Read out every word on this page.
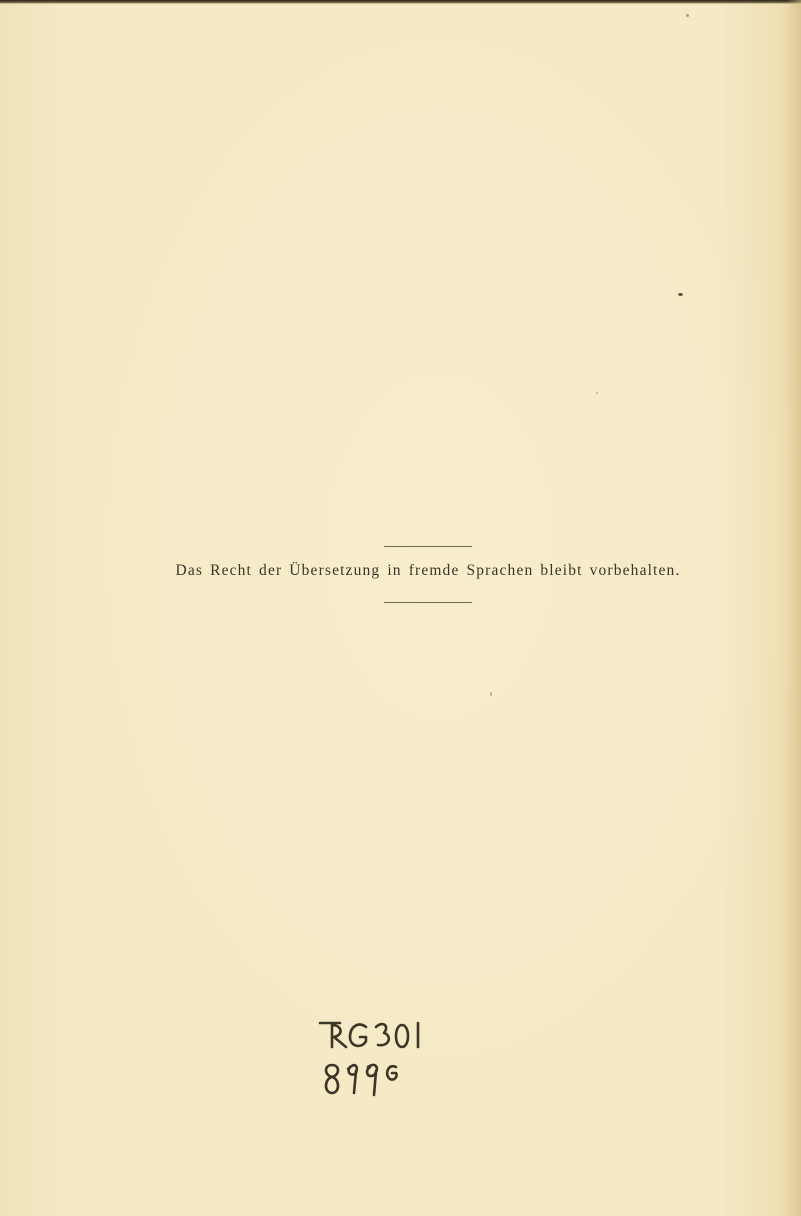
Das Recht der Übersetzung in fremde Sprachen bleibt vorbehalten.
